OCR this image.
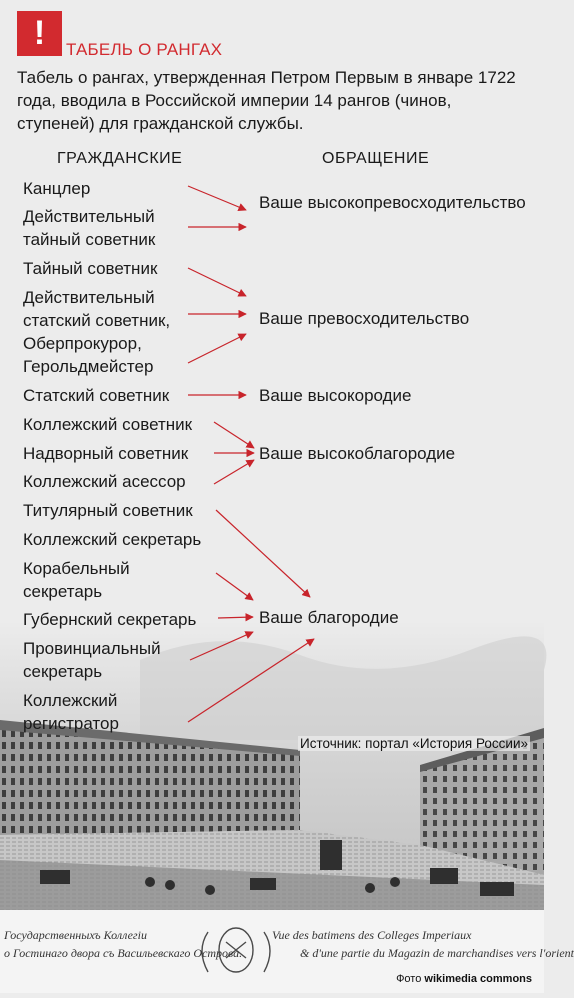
!	ТАБЕЛЬ О РАНГАХ
Табель о рангах, утвержденная Петром Первым в январе 1722 года, вводила в Российской империи 14 рангов (чинов, ступеней) для гражданской службы.
ГРАЖДАНСКИЕ	ОБРАЩЕНИЕ
Государственныхъ Коллегiи
о Гостинаго двора съ Васильевскаго Острова.
Vue des batimens des Colleges Imperiaux
& d'une partie du Magazin de marchandises vers l'orient
Канцлер
Действительный тайный советник
Тайный советник
Действительный статский советник,
Оберпрокурор,
Герольдмейстер
Статский советник
Коллежский советник
Надворный советник
Коллежский асессор
Титулярный советник
Коллежский секретарь
Корабельный секретарь
Губернский секретарь
Провинциальный секретарь
Коллежский регистратор
Ваше высокопревосходительство
Ваше превосходительство
Ваше высокородие
Ваше высокоблагородие
Ваше благородие
Источник: портал «История России»
Фото wikimedia commons
